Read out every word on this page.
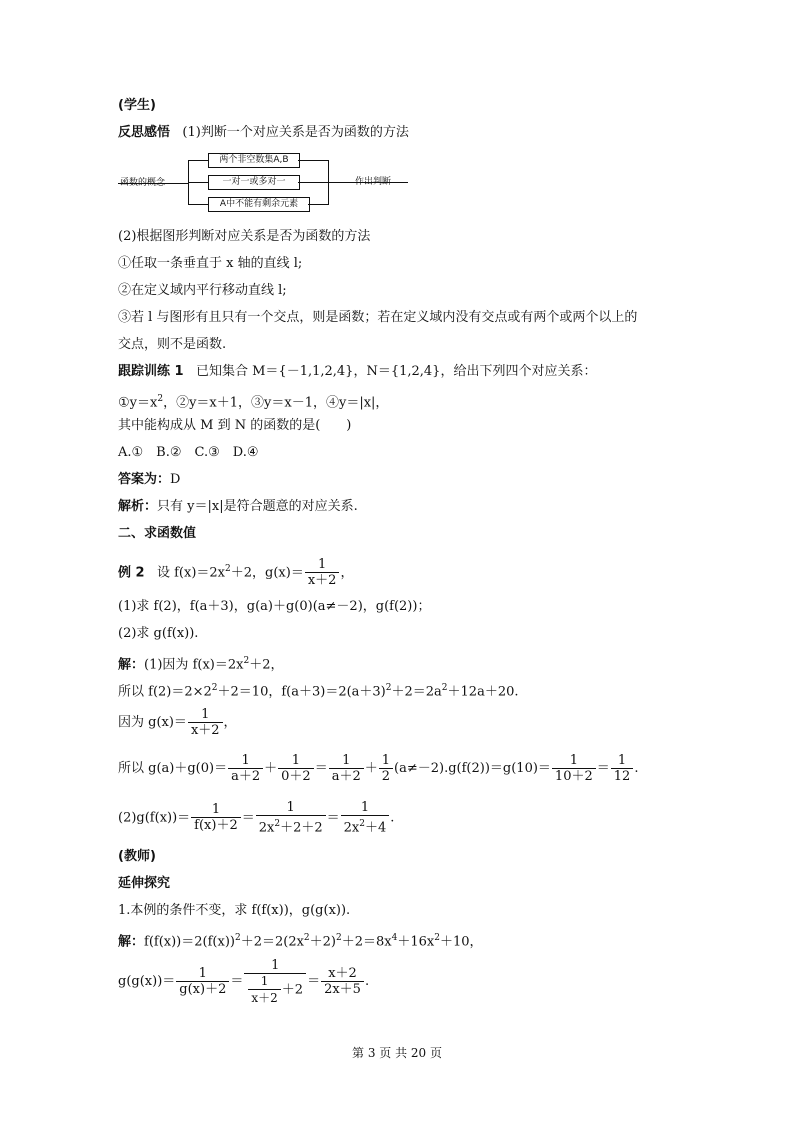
(学生)
反思感悟 (1)判断一个对应关系是否为函数的方法
函数的概念
两个非空数集A,B
一对一或多对一
A中不能有剩余元素
作出判断
(2)根据图形判断对应关系是否为函数的方法
①任取一条垂直于 x 轴的直线 l;
②在定义域内平行移动直线 l;
③若 l 与图形有且只有一个交点，则是函数；若在定义域内没有交点或有两个或两个以上的
交点，则不是函数.
跟踪训练 1 已知集合 M＝{－1,1,2,4}，N＝{1,2,4}，给出下列四个对应关系：
$①y=x^2$，②y＝x＋1，③y＝x－1，④y＝|x|，
其中能构成从 M 到 N 的函数的是(　　)
A.①　B.②　C.③　D.④
答案为：D
解析：只有 y＝|x|是符合题意的对应关系.
二、求函数值
例 2 设 $f(x)=2x^2+2$，$g(x)= \frac{1}{x+2}$ ，
(1)求 f(2)，f(a＋3)，g(a)＋g(0)(a≠－2)，g(f(2))；
(2)求 g(f(x)).
解：(1)因为 $f(x)=2x^2+2$，
所以 $f(2)=2\times 2^2+2=10$，$f(a+3)=2(a+3)^2+2=2a^2+12a+20$.
因为 $g(x)= \frac{1}{x+2}$ ，
所以 $g(a)+g(0)= \frac{1}{a+2} + \frac{1}{0+2} = \frac{1}{a+2} + \frac{1}{2} (a\ne-2).g(f(2))=g(10)= \frac{1}{10+2} = \frac{1}{12}$ .
$(2)g(f(x))= \frac{1}{f(x)+2} = \frac{1}{2x^2+2+2} = \frac{1}{2x^2+4}$ .
(教师)
延伸探究
1.本例的条件不变，求 f(f(x))，g(g(x)).
解：$f(f(x))=2(f(x))^2+2=2(2x^2+2)^2+2=8x^4+16x^2+10$，
$g(g(x))= \frac{1}{g(x)+2} = \frac{1}{\frac{1}{x+2} +2} = \frac{x+2}{2x+5}$ .
第 3 页 共 20 页
